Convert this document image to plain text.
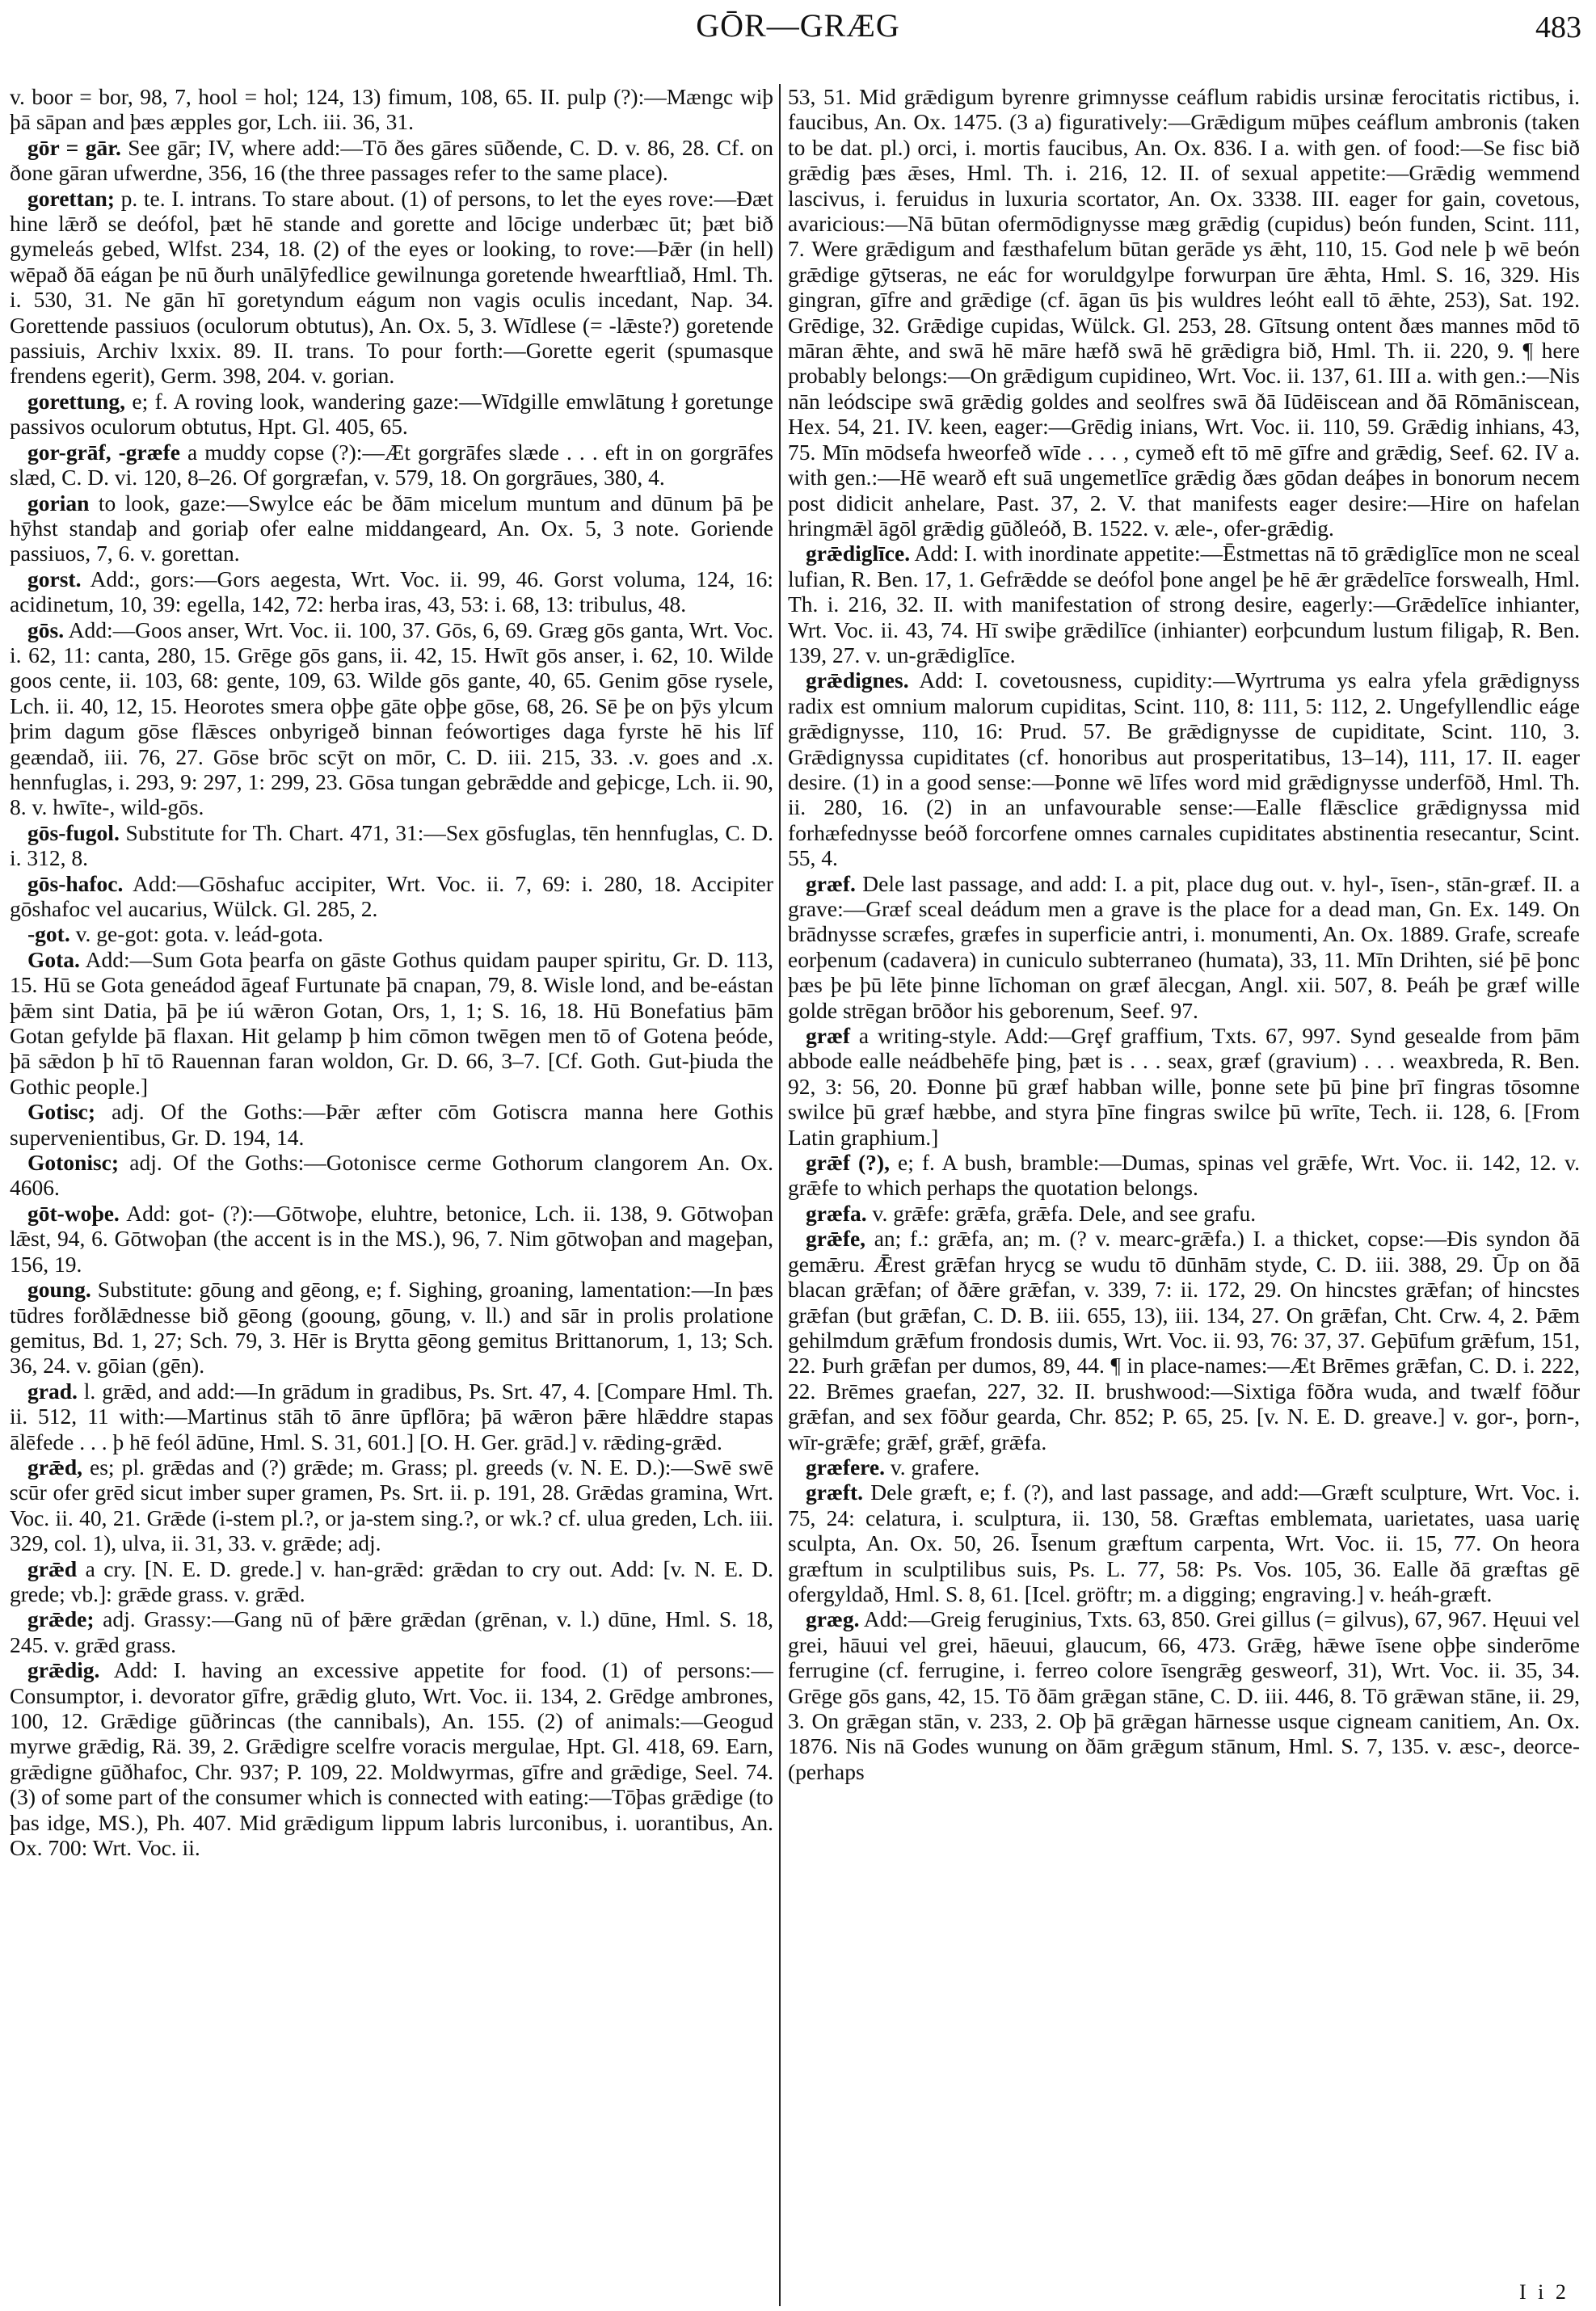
GŌR—GRÆG	483

v. boor = bor, 98, 7, hool = hol; 124, 13) fimum, 108, 65. II. pulp (?):—Mængc wiþ þā sāpan and þæs æpples gor, Lch. iii. 36, 31.

gōr = gār. See gār; IV, where add:—Tō ðes gāres sūðende, C. D. v. 86, 28. Cf. on ðone gāran ufwerdne, 356, 16 (the three passages refer to the same place).

gorettan; p. te. I. intrans. To stare about. (1) of persons, to let the eyes rove:—Ðæt hine lǣrð se deófol, þæt hē stande and gorette and lōcige underbæc ūt; þæt bið gymeleás gebed, Wlfst. 234, 18. (2) of the eyes or looking, to rove:—Þǣr (in hell) wēpað ðā eágan þe nū ðurh unālȳfedlice gewilnunga goretende hwearftliað, Hml. Th. i. 530, 31. Ne gān hī goretyndum eágum non vagis oculis incedant, Nap. 34. Gorettende passiuos (oculorum obtutus), An. Ox. 5, 3. Wīdlese (= -lǣste?) goretende passiuis, Archiv lxxix. 89. II. trans. To pour forth:—Gorette egerit (spumasque frendens egerit), Germ. 398, 204. v. gorian.

gorettung, e; f. A roving look, wandering gaze:—Wīdgille emwlātung ł goretunge passivos oculorum obtutus, Hpt. Gl. 405, 65.

gor-grāf, -græfe a muddy copse (?):—Æt gorgrāfes slæde . . . eft in on gorgrāfes slæd, C. D. vi. 120, 8–26. Of gorgræfan, v. 579, 18. On gorgrāues, 380, 4.

gorian to look, gaze:—Swylce eác be ðām micelum muntum and dūnum þā þe hȳhst standaþ and goriaþ ofer ealne middangeard, An. Ox. 5, 3 note. Goriende passiuos, 7, 6. v. gorettan.

gorst. Add:, gors:—Gors aegesta, Wrt. Voc. ii. 99, 46. Gorst voluma, 124, 16: acidinetum, 10, 39: egella, 142, 72: herba iras, 43, 53: i. 68, 13: tribulus, 48.

gōs. Add:—Goos anser, Wrt. Voc. ii. 100, 37. Gōs, 6, 69. Græg gōs ganta, Wrt. Voc. i. 62, 11: canta, 280, 15. Grēge gōs gans, ii. 42, 15. Hwīt gōs anser, i. 62, 10. Wilde goos cente, ii. 103, 68: gente, 109, 63. Wilde gōs gante, 40, 65. Genim gōse rysele, Lch. ii. 40, 12, 15. Heorotes smera oþþe gāte oþþe gōse, 68, 26. Sē þe on þȳs ylcum þrim dagum gōse flǣsces onbyrigeð binnan feówortiges daga fyrste hē his līf geændað, iii. 76, 27. Gōse brōc scȳt on mōr, C. D. iii. 215, 33. .v. goes and .x. hennfuglas, i. 293, 9: 297, 1: 299, 23. Gōsa tungan gebrǣdde and geþicge, Lch. ii. 90, 8. v. hwīte-, wild-gōs.

gōs-fugol. Substitute for Th. Chart. 471, 31:—Sex gōsfuglas, tēn hennfuglas, C. D. i. 312, 8.

gōs-hafoc. Add:—Gōshafuc accipiter, Wrt. Voc. ii. 7, 69: i. 280, 18. Accipiter gōshafoc vel aucarius, Wülck. Gl. 285, 2.

-got. v. ge-got: gota. v. leád-gota.

Gota. Add:—Sum Gota þearfa on gāste Gothus quidam pauper spiritu, Gr. D. 113, 15. Hū se Gota geneádod āgeaf Furtunate þā cnapan, 79, 8. Wisle lond, and be-eástan þǣm sint Datia, þā þe iú wǣron Gotan, Ors, 1, 1; S. 16, 18. Hū Bonefatius þām Gotan gefylde þā flaxan. Hit gelamp þ him cōmon twēgen men tō of Gotena þeóde, þā sǣdon þ hī tō Rauennan faran woldon, Gr. D. 66, 3–7. [Cf. Goth. Gut-þiuda the Gothic people.]

Gotisc; adj. Of the Goths:—Þǣr æfter cōm Gotiscra manna here Gothis supervenientibus, Gr. D. 194, 14.

Gotonisc; adj. Of the Goths:—Gotonisce cerme Gothorum clangorem An. Ox. 4606.

gōt-woþe. Add: got- (?):—Gōtwoþe, eluhtre, betonice, Lch. ii. 138, 9. Gōtwoþan lǣst, 94, 6. Gōtwoþan (the accent is in the MS.), 96, 7. Nim gōtwoþan and mageþan, 156, 19.

goung. Substitute: gōung and gēong, e; f. Sighing, groaning, lamentation:—In þæs tūdres forðlǣdnesse bið gēong (gooung, gōung, v. ll.) and sār in prolis prolatione gemitus, Bd. 1, 27; Sch. 79, 3. Hēr is Brytta gēong gemitus Brittanorum, 1, 13; Sch. 36, 24. v. gōian (gēn).

grad. l. grǣd, and add:—In grādum in gradibus, Ps. Srt. 47, 4. [Compare Hml. Th. ii. 512, 11 with:—Martinus stāh tō ānre ūpflōra; þā wǣron þǣre hlǣddre stapas ālēfede . . . þ hē feól ādūne, Hml. S. 31, 601.] [O. H. Ger. grād.] v. rǣding-grǣd.

grǣd, es; pl. grǣdas and (?) grǣde; m. Grass; pl. greeds (v. N. E. D.):—Swē swē scūr ofer grēd sicut imber super gramen, Ps. Srt. ii. p. 191, 28. Grǣdas gramina, Wrt. Voc. ii. 40, 21. Grǣde (i-stem pl.?, or ja-stem sing.?, or wk.? cf. ulua greden, Lch. iii. 329, col. 1), ulva, ii. 31, 33. v. grǣde; adj.

grǣd a cry. [N. E. D. grede.] v. han-grǣd: grǣdan to cry out. Add: [v. N. E. D. grede; vb.]: grǣde grass. v. grǣd.

grǣde; adj. Grassy:—Gang nū of þǣre grǣdan (grēnan, v. l.) dūne, Hml. S. 18, 245. v. grǣd grass.

grǣdig. Add: I. having an excessive appetite for food. (1) of persons:—Consumptor, i. devorator gīfre, grǣdig gluto, Wrt. Voc. ii. 134, 2. Grēdge ambrones, 100, 12. Grǣdige gūðrincas (the cannibals), An. 155. (2) of animals:—Geogud myrwe grǣdig, Rä. 39, 2. Grǣdigre scelfre voracis mergulae, Hpt. Gl. 418, 69. Earn, grǣdigne gūðhafoc, Chr. 937; P. 109, 22. Moldwyrmas, gīfre and grǣdige, Seel. 74. (3) of some part of the consumer which is connected with eating:—Tōþas grǣdige (to þas idge, MS.), Ph. 407. Mid grǣdigum lippum labris lurconibus, i. uorantibus, An. Ox. 700: Wrt. Voc. ii.

53, 51. Mid grǣdigum byrenre grimnysse ceáflum rabidis ursinæ ferocitatis rictibus, i. faucibus, An. Ox. 1475. (3 a) figuratively:—Grǣdigum mūþes ceáflum ambronis (taken to be dat. pl.) orci, i. mortis faucibus, An. Ox. 836. I a. with gen. of food:—Se fisc bið grǣdig þæs ǣses, Hml. Th. i. 216, 12. II. of sexual appetite:—Grǣdig wemmend lascivus, i. feruidus in luxuria scortator, An. Ox. 3338. III. eager for gain, covetous, avaricious:—Nā būtan ofermōdignysse mæg grǣdig (cupidus) beón funden, Scint. 111, 7. Were grǣdigum and fæsthafelum būtan gerāde ys ǣht, 110, 15. God nele þ wē beón grǣdige gȳtseras, ne eác for woruldgylpe forwurpan ūre ǣhta, Hml. S. 16, 329. His gingran, gīfre and grǣdige (cf. āgan ūs þis wuldres leóht eall tō ǣhte, 253), Sat. 192. Grēdige, 32. Grǣdige cupidas, Wülck. Gl. 253, 28. Gītsung ontent ðæs mannes mōd tō māran ǣhte, and swā hē māre hæfð swā hē grǣdigra bið, Hml. Th. ii. 220, 9. ¶ here probably belongs:—On grǣdigum cupidineo, Wrt. Voc. ii. 137, 61. III a. with gen.:—Nis nān leódscipe swā grǣdig goldes and seolfres swā ðā Iūdēiscean and ðā Rōmāniscean, Hex. 54, 21. IV. keen, eager:—Grēdig inians, Wrt. Voc. ii. 110, 59. Grǣdig inhians, 43, 75. Mīn mōdsefa hweorfeð wīde . . . , cymeð eft tō mē gīfre and grǣdig, Seef. 62. IV a. with gen.:—Hē wearð eft suā ungemetlīce grǣdig ðæs gōdan deáþes in bonorum necem post didicit anhelare, Past. 37, 2. V. that manifests eager desire:—Hire on hafelan hringmǣl āgōl grǣdig gūðleóð, B. 1522. v. æle-, ofer-grǣdig.

grǣdiglīce. Add: I. with inordinate appetite:—Ēstmettas nā tō grǣdiglīce mon ne sceal lufian, R. Ben. 17, 1. Gefrǣdde se deófol þone angel þe hē ǣr grǣdelīce forswealh, Hml. Th. i. 216, 32. II. with manifestation of strong desire, eagerly:—Grǣdelīce inhianter, Wrt. Voc. ii. 43, 74. Hī swiþe grǣdilīce (inhianter) eorþcundum lustum filigaþ, R. Ben. 139, 27. v. un-grǣdiglīce.

grǣdignes. Add: I. covetousness, cupidity:—Wyrtruma ys ealra yfela grǣdignyss radix est omnium malorum cupiditas, Scint. 110, 8: 111, 5: 112, 2. Ungefyllendlic eáge grǣdignysse, 110, 16: Prud. 57. Be grǣdignysse de cupiditate, Scint. 110, 3. Grǣdignyssa cupiditates (cf. honoribus aut prosperitatibus, 13–14), 111, 17. II. eager desire. (1) in a good sense:—Þonne wē līfes word mid grǣdignysse underfōð, Hml. Th. ii. 280, 16. (2) in an unfavourable sense:—Ealle flǣsclice grǣdignyssa mid forhæfednysse beóð forcorfene omnes carnales cupiditates abstinentia resecantur, Scint. 55, 4.

græf. Dele last passage, and add: I. a pit, place dug out. v. hyl-, īsen-, stān-græf. II. a grave:—Græf sceal deádum men a grave is the place for a dead man, Gn. Ex. 149. On brādnysse scræfes, græfes in superficie antri, i. monumenti, An. Ox. 1889. Grafe, screafe eorþenum (cadavera) in cuniculo subterraneo (humata), 33, 11. Mīn Drihten, sié þē þonc þæs þe þū lēte þinne līchoman on græf ālecgan, Angl. xii. 507, 8. Þeáh þe græf wille golde strēgan brōðor his geborenum, Seef. 97.

græf a writing-style. Add:—Grȩf graffium, Txts. 67, 997. Synd gesealde from þām abbode ealle neádbehēfe þing, þæt is . . . seax, græf (gravium) . . . weaxbreda, R. Ben. 92, 3: 56, 20. Ðonne þū græf habban wille, þonne sete þū þine þrī fingras tōsomne swilce þū græf hæbbe, and styra þīne fingras swilce þū wrīte, Tech. ii. 128, 6. [From Latin graphium.]

grǣf (?), e; f. A bush, bramble:—Dumas, spinas vel grǣfe, Wrt. Voc. ii. 142, 12. v. grǣfe to which perhaps the quotation belongs.

græfa. v. grǣfe: grǣfa, grǣfa. Dele, and see grafu.

grǣfe, an; f.: grǣfa, an; m. (? v. mearc-grǣfa.) I. a thicket, copse:—Ðis syndon ðā gemǣru. Ǣrest grǣfan hrycg se wudu tō dūnhām styde, C. D. iii. 388, 29. Ūp on ðā blacan grǣfan; of ðǣre grǣfan, v. 339, 7: ii. 172, 29. On hincstes grǣfan; of hincstes grǣfan (but grǣfan, C. D. B. iii. 655, 13), iii. 134, 27. On grǣfan, Cht. Crw. 4, 2. Þǣm gehilmdum grǣfum frondosis dumis, Wrt. Voc. ii. 93, 76: 37, 37. Geþūfum grǣfum, 151, 22. Þurh grǣfan per dumos, 89, 44. ¶ in place-names:—Æt Brēmes grǣfan, C. D. i. 222, 22. Brēmes graefan, 227, 32. II. brushwood:—Sixtiga fōðra wuda, and twælf fōður grǣfan, and sex fōður gearda, Chr. 852; P. 65, 25. [v. N. E. D. greave.] v. gor-, þorn-, wīr-grǣfe; grǣf, grǣf, grǣfa.

græfere. v. grafere.

græft. Dele græft, e; f. (?), and last passage, and add:—Græft sculpture, Wrt. Voc. i. 75, 24: celatura, i. sculptura, ii. 130, 58. Græftas emblemata, uarietates, uasa uarię sculpta, An. Ox. 50, 26. Īsenum græftum carpenta, Wrt. Voc. ii. 15, 77. On heora græftum in sculptilibus suis, Ps. L. 77, 58: Ps. Vos. 105, 36. Ealle ðā græftas gē ofergyldað, Hml. S. 8, 61. [Icel. gröftr; m. a digging; engraving.] v. heáh-græft.

græg. Add:—Greig feruginius, Txts. 63, 850. Grei gillus (= gilvus), 67, 967. Hęuui vel grei, hāuui vel grei, hāeuui, glaucum, 66, 473. Grǣg, hǣwe īsene oþþe sinderōme ferrugine (cf. ferrugine, i. ferreo colore īsengrǣg gesweorf, 31), Wrt. Voc. ii. 35, 34. Grēge gōs gans, 42, 15. Tō ðām grǣgan stāne, C. D. iii. 446, 8. Tō grǣwan stāne, ii. 29, 3. On grǣgan stān, v. 233, 2. Oþ þā grǣgan hārnesse usque cigneam canitiem, An. Ox. 1876. Nis nā Godes wunung on ðām grǣgum stānum, Hml. S. 7, 135. v. æsc-, deorce- (perhaps

I i 2
